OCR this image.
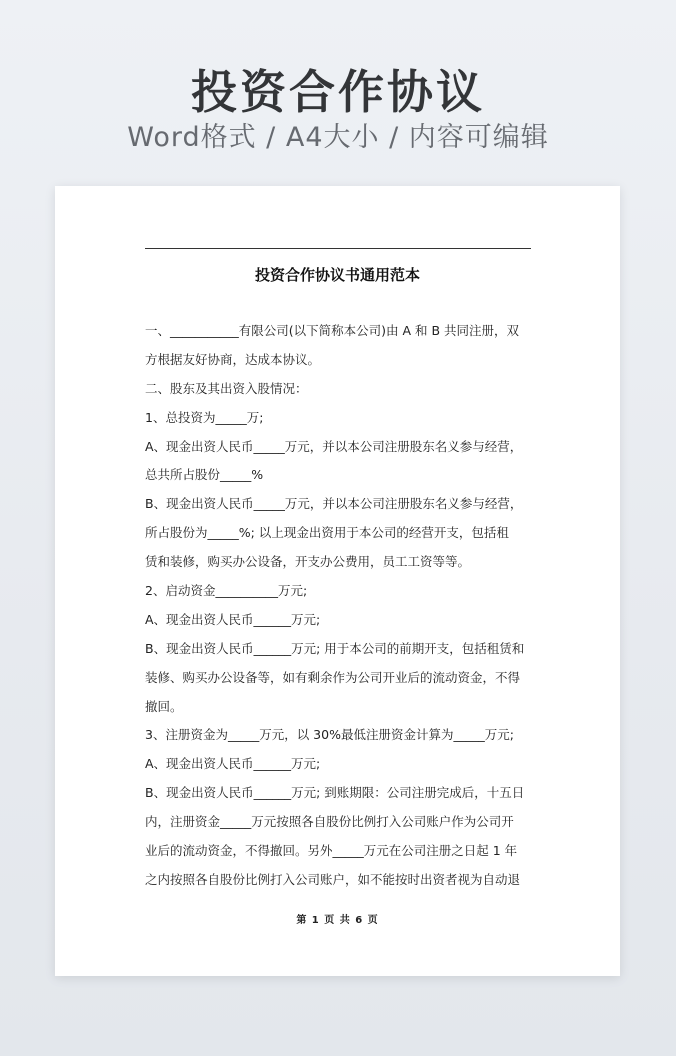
投资合作协议
Word格式 / A4大小 / 内容可编辑
投资合作协议书通用范本
一、___________有限公司(以下简称本公司)由 A 和 B 共同注册，双
方根据友好协商，达成本协议。
二、股东及其出资入股情况：
1、总投资为_____万;
A、现金出资人民币_____万元，并以本公司注册股东名义参与经营，
总共所占股份_____%
B、现金出资人民币_____万元，并以本公司注册股东名义参与经营，
所占股份为_____%; 以上现金出资用于本公司的经营开支，包括租
赁和装修，购买办公设备，开支办公费用，员工工资等等。
2、启动资金__________万元;
A、现金出资人民币______万元;
B、现金出资人民币______万元; 用于本公司的前期开支，包括租赁和
装修、购买办公设备等，如有剩余作为公司开业后的流动资金，不得
撤回。
3、注册资金为_____万元，以 30%最低注册资金计算为_____万元;
A、现金出资人民币______万元;
B、现金出资人民币______万元; 到账期限：公司注册完成后，十五日
内，注册资金_____万元按照各自股份比例打入公司账户作为公司开
业后的流动资金，不得撤回。另外_____万元在公司注册之日起 1 年
之内按照各自股份比例打入公司账户，如不能按时出资者视为自动退
第 1 页 共 6 页
